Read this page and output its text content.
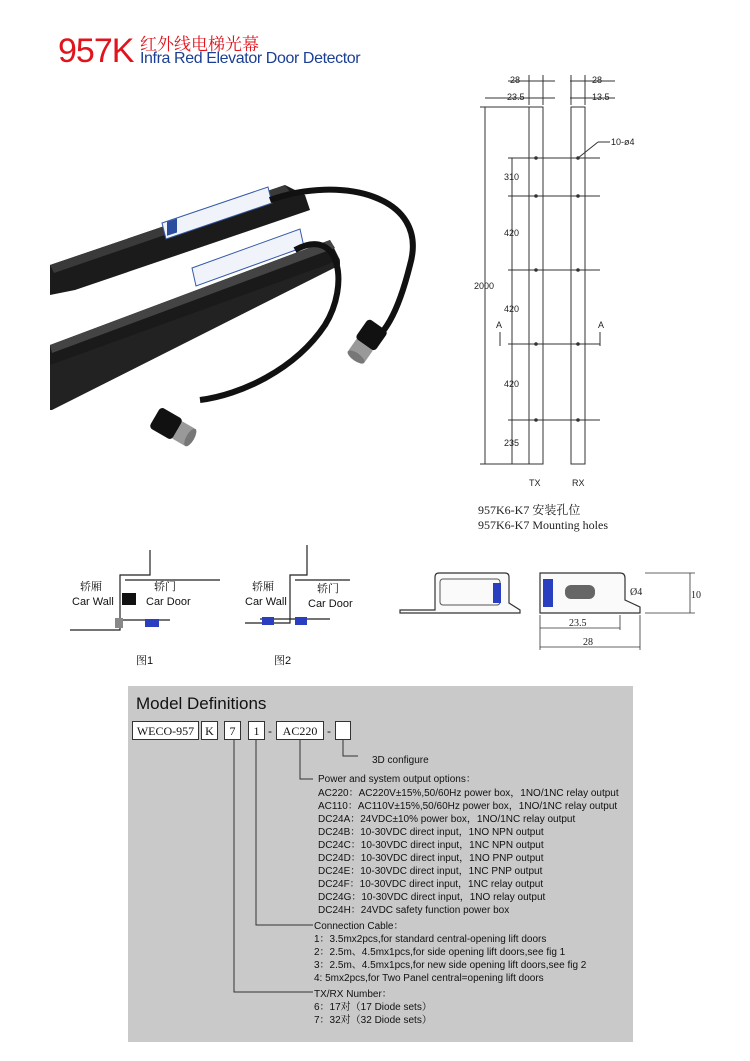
957K 红外线电梯光幕
Infra Red Elevator Door Detector
28	28
23.5	13.5
10-ø4
2000
310
420
420
420
235
A	A
TX	RX
957K6-K7 安装孔位
957K6-K7 Mounting holes
轿厢
Car Wall
轿门
Car Door
图1
轿厢
Car Wall
轿门
Car Door
图2
23.5
28
10
Ø4
Model Definitions
WECO-957 K	7	1 - AC220 -
3D configure
Power and system output options：
AC220：AC220V±15%,50/60Hz power box，1NO/1NC relay output
AC110：AC110V±15%,50/60Hz power box，1NO/1NC relay output
DC24A：24VDC±10% power box，1NO/1NC relay output
DC24B：10-30VDC direct input，1NO NPN output
DC24C：10-30VDC direct input，1NC NPN output
DC24D：10-30VDC direct input，1NO PNP output
DC24E：10-30VDC direct input，1NC PNP output
DC24F：10-30VDC direct input，1NC relay output
DC24G：10-30VDC direct input，1NO relay output
DC24H：24VDC safety function power box
Connection Cable：
1：3.5mx2pcs,for standard central-opening lift doors
2：2.5m、4.5mx1pcs,for side opening lift doors,see fig 1
3：2.5m、4.5mx1pcs,for new side opening lift doors,see fig 2
4: 5mx2pcs,for Two Panel central=opening lift doors
TX/RX Number：
6：17对（17 Diode sets）
7：32对（32 Diode sets）
